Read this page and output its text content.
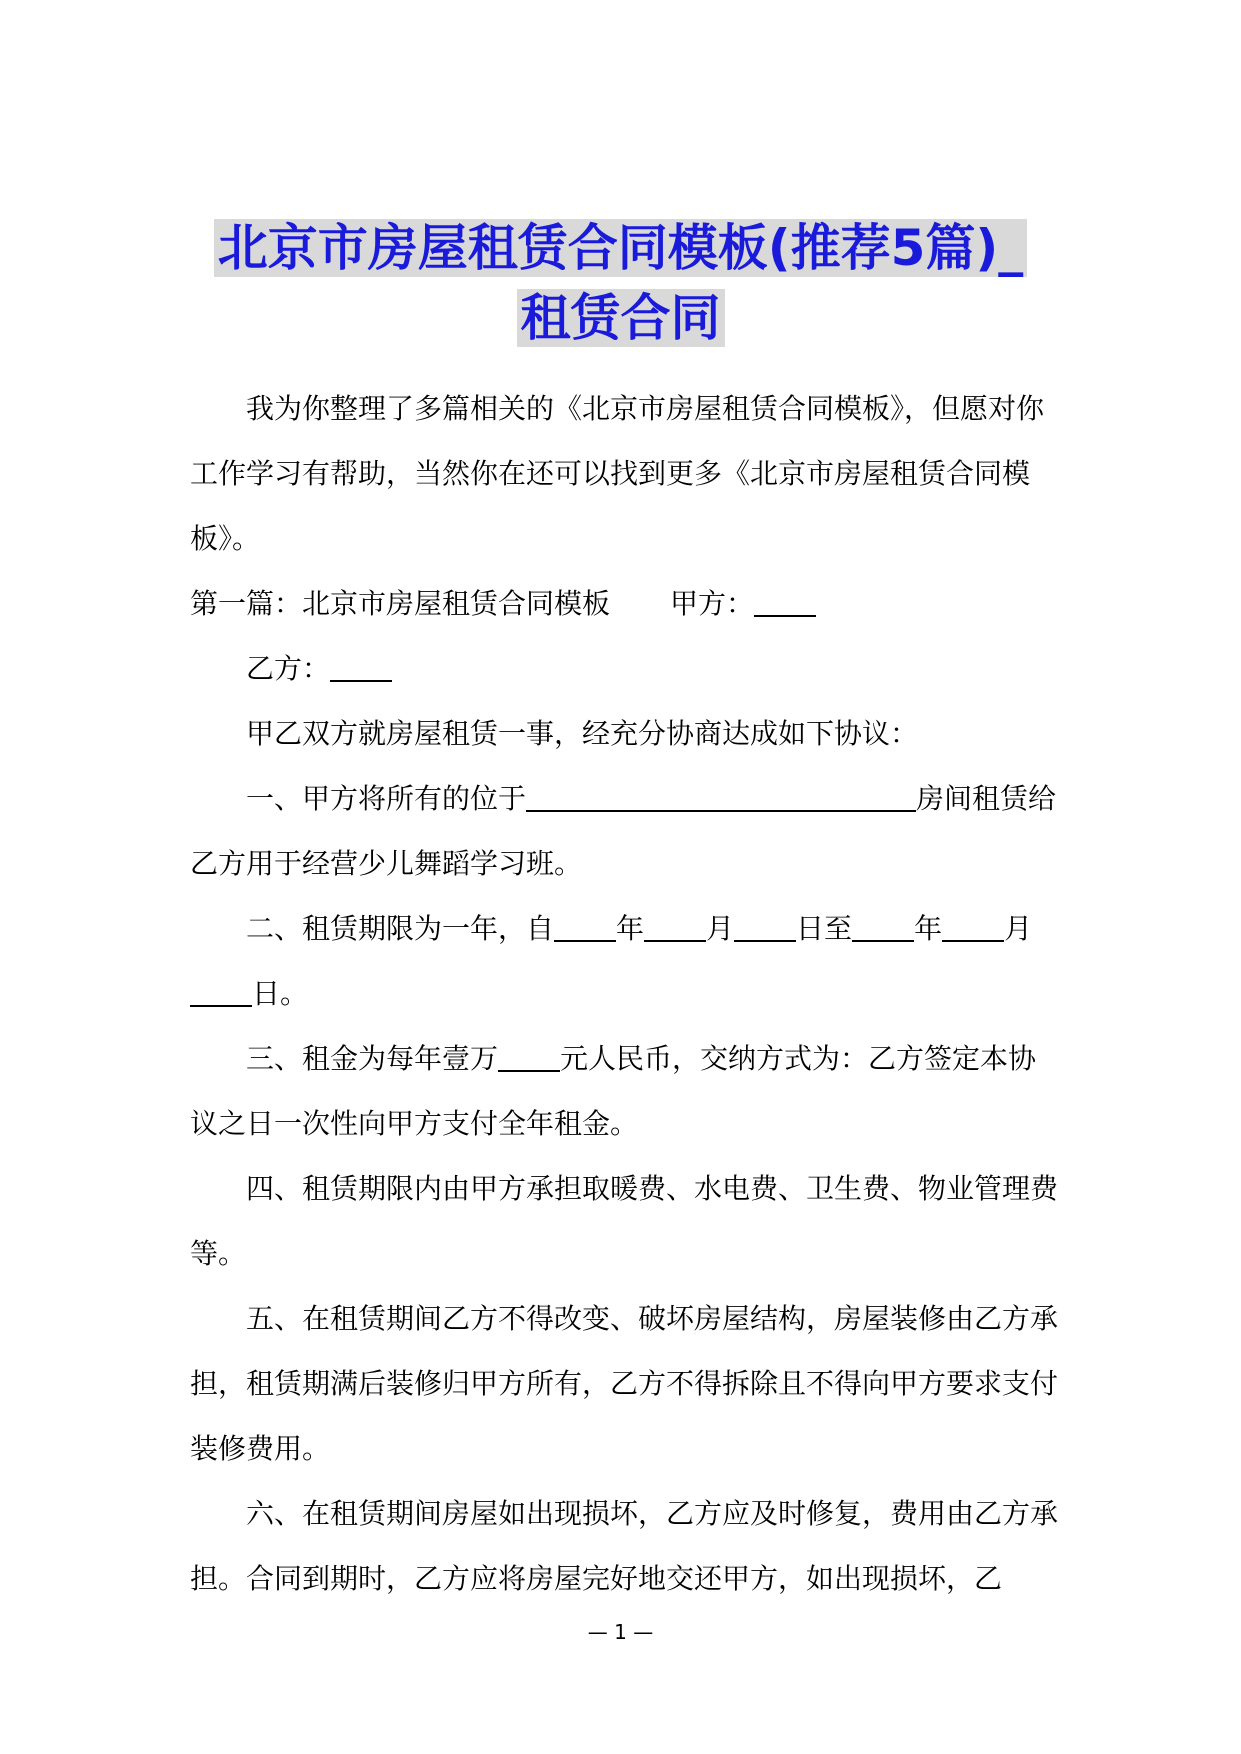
北京市房屋租赁合同模板(推荐5篇)_
租赁合同

我为你整理了多篇相关的《北京市房屋租赁合同模板》，但愿对你工作学习有帮助，当然你在还可以找到更多《北京市房屋租赁合同模板》。

第一篇：北京市房屋租赁合同模板 甲方：

乙方：

甲乙双方就房屋租赁一事，经充分协商达成如下协议：

一、甲方将所有的位于	房间租赁给乙方用于经营少儿舞蹈学习班。

二、租赁期限为一年，自 年 月 日至 年 月日。

三、租金为每年壹万 元人民币，交纳方式为：乙方签定本协议之日一次性向甲方支付全年租金。

四、租赁期限内由甲方承担取暖费、水电费、卫生费、物业管理费等。

五、在租赁期间乙方不得改变、破坏房屋结构，房屋装修由乙方承担，租赁期满后装修归甲方所有，乙方不得拆除且不得向甲方要求支付装修费用。

六、在租赁期间房屋如出现损坏，乙方应及时修复，费用由乙方承担。合同到期时，乙方应将房屋完好地交还甲方，如出现损坏，乙

— 1 —
